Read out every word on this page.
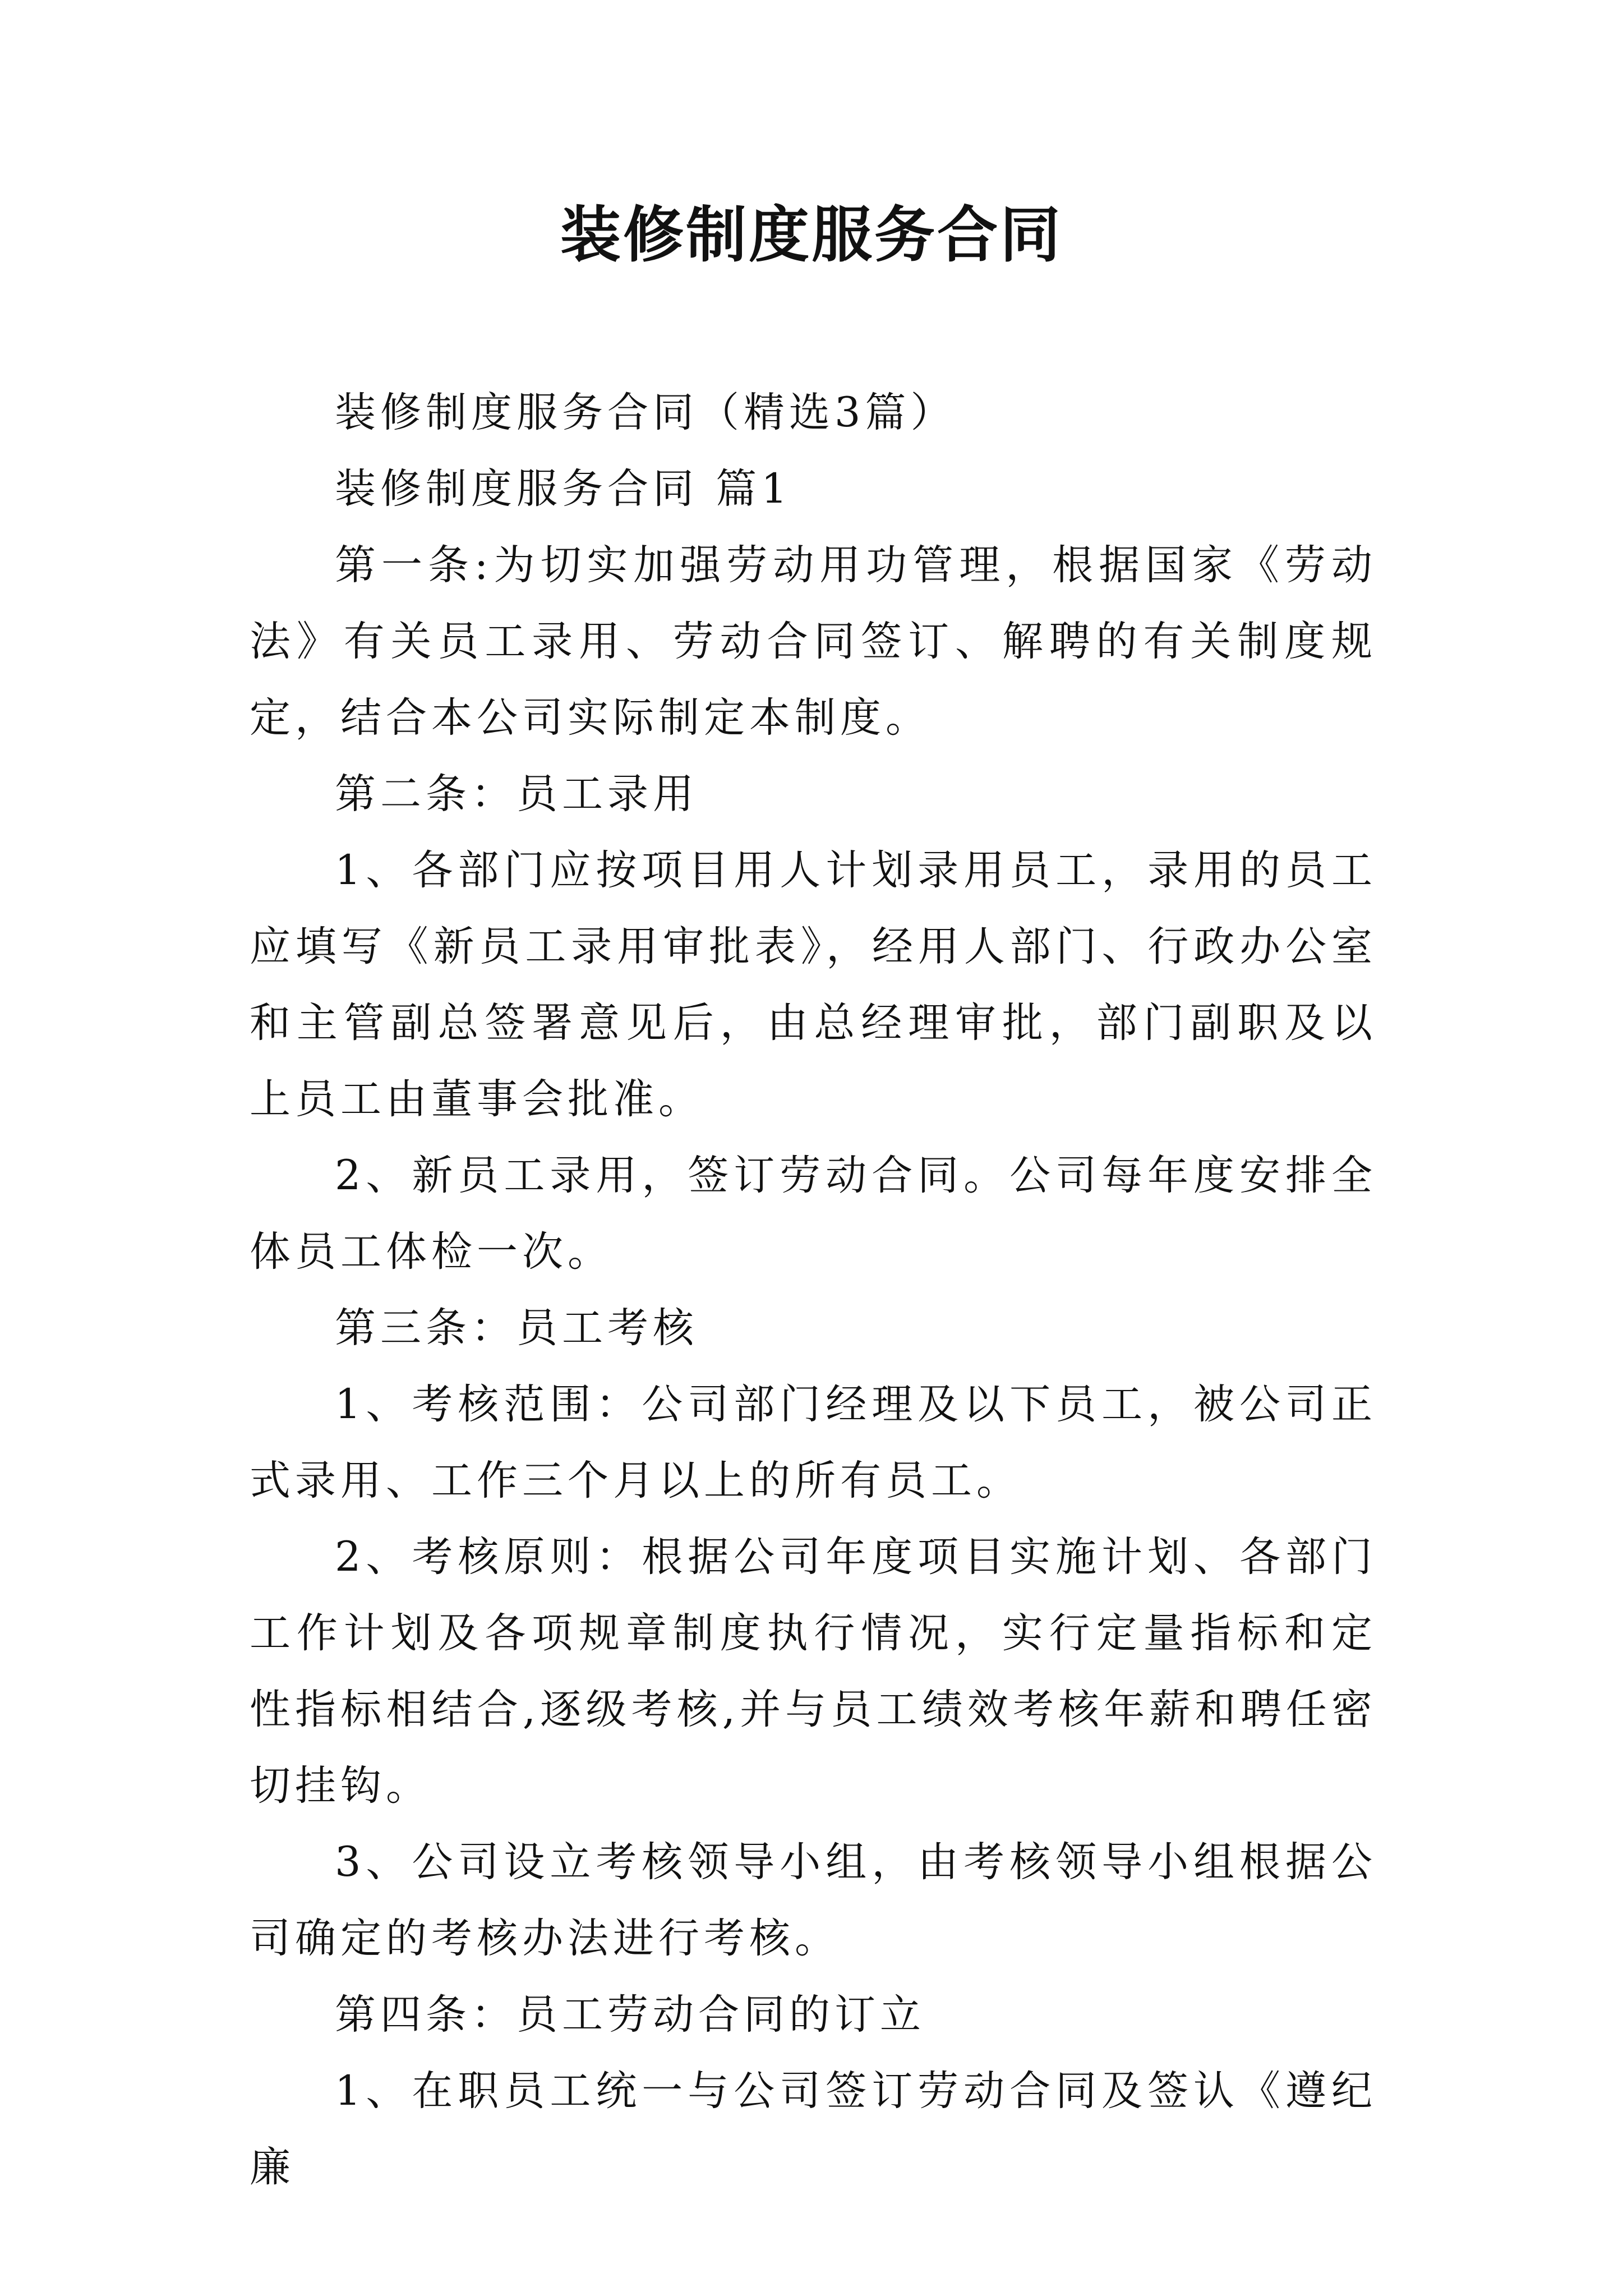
装修制度服务合同

装修制度服务合同（精选3篇）

装修制度服务合同 篇1

第一条:为切实加强劳动用功管理，根据国家《劳动法》有关员工录用、劳动合同签订、解聘的有关制度规定，结合本公司实际制定本制度。

第二条：员工录用

1、各部门应按项目用人计划录用员工，录用的员工应填写《新员工录用审批表》，经用人部门、行政办公室和主管副总签署意见后，由总经理审批，部门副职及以上员工由董事会批准。

2、新员工录用，签订劳动合同。公司每年度安排全体员工体检一次。

第三条：员工考核

1、考核范围：公司部门经理及以下员工，被公司正式录用、工作三个月以上的所有员工。

2、考核原则：根据公司年度项目实施计划、各部门工作计划及各项规章制度执行情况，实行定量指标和定性指标相结合,逐级考核,并与员工绩效考核年薪和聘任密切挂钩。

3、公司设立考核领导小组，由考核领导小组根据公司确定的考核办法进行考核。

第四条：员工劳动合同的订立

1、在职员工统一与公司签订劳动合同及签认《遵纪廉
